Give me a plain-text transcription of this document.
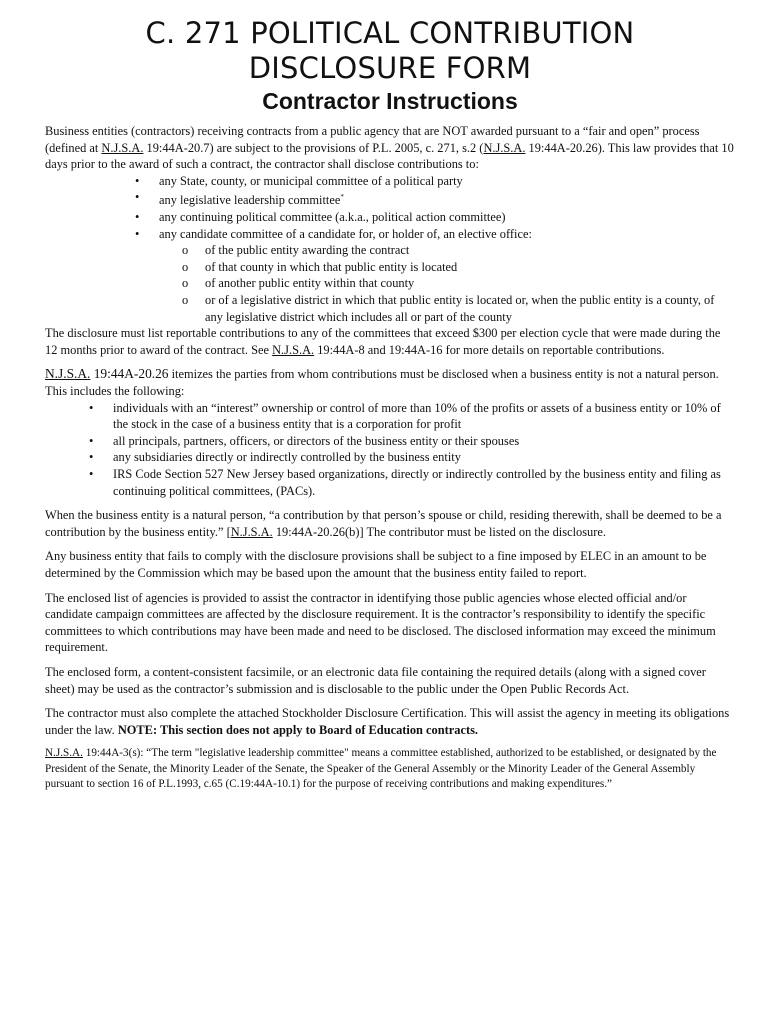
C. 271 POLITICAL CONTRIBUTION
DISCLOSURE FORM
Contractor Instructions

Business entities (contractors) receiving contracts from a public agency that are NOT awarded pursuant to a “fair and open” process (defined at N.J.S.A. 19:44A-20.7) are subject to the provisions of P.L. 2005, c. 271, s.2 (N.J.S.A. 19:44A-20.26). This law provides that 10 days prior to the award of such a contract, the contractor shall disclose contributions to:

• any State, county, or municipal committee of a political party
• any legislative leadership committee*
• any continuing political committee (a.k.a., political action committee)
• any candidate committee of a candidate for, or holder of, an elective office:
o of the public entity awarding the contract
o of that county in which that public entity is located
o of another public entity within that county
o or of a legislative district in which that public entity is located or, when the public entity is a county, of any legislative district which includes all or part of the county

The disclosure must list reportable contributions to any of the committees that exceed $300 per election cycle that were made during the 12 months prior to award of the contract. See N.J.S.A. 19:44A-8 and 19:44A-16 for more details on reportable contributions.

N.J.S.A. 19:44A-20.26 itemizes the parties from whom contributions must be disclosed when a business entity is not a natural person. This includes the following:

• individuals with an “interest” ownership or control of more than 10% of the profits or assets of a business entity or 10% of the stock in the case of a business entity that is a corporation for profit
• all principals, partners, officers, or directors of the business entity or their spouses
• any subsidiaries directly or indirectly controlled by the business entity
• IRS Code Section 527 New Jersey based organizations, directly or indirectly controlled by the business entity and filing as continuing political committees, (PACs).

When the business entity is a natural person, “a contribution by that person’s spouse or child, residing therewith, shall be deemed to be a contribution by the business entity.” [N.J.S.A. 19:44A-20.26(b)] The contributor must be listed on the disclosure.

Any business entity that fails to comply with the disclosure provisions shall be subject to a fine imposed by ELEC in an amount to be determined by the Commission which may be based upon the amount that the business entity failed to report.

The enclosed list of agencies is provided to assist the contractor in identifying those public agencies whose elected official and/or candidate campaign committees are affected by the disclosure requirement. It is the contractor’s responsibility to identify the specific committees to which contributions may have been made and need to be disclosed. The disclosed information may exceed the minimum requirement.

The enclosed form, a content-consistent facsimile, or an electronic data file containing the required details (along with a signed cover sheet) may be used as the contractor’s submission and is disclosable to the public under the Open Public Records Act.

The contractor must also complete the attached Stockholder Disclosure Certification. This will assist the agency in meeting its obligations under the law. NOTE: This section does not apply to Board of Education contracts.

N.J.S.A. 19:44A-3(s): “The term "legislative leadership committee" means a committee established, authorized to be established, or designated by the President of the Senate, the Minority Leader of the Senate, the Speaker of the General Assembly or the Minority Leader of the General Assembly pursuant to section 16 of P.L.1993, c.65 (C.19:44A-10.1) for the purpose of receiving contributions and making expenditures.”
